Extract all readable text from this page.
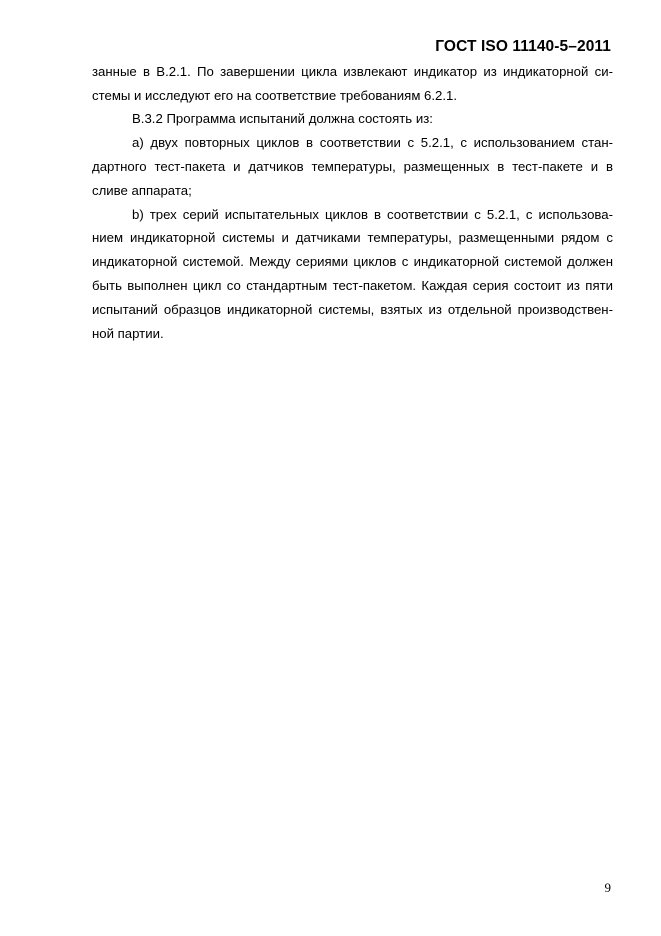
ГОСТ ISO 11140-5–2011
занные в В.2.1. По завершении цикла извлекают индикатор из индикаторной си-
стемы и исследуют его на соответствие требованиям 6.2.1.
В.3.2 Программа испытаний должна состоять из:
а) двух повторных циклов в соответствии с 5.2.1, с использованием стан-
дартного тест-пакета и датчиков температуры, размещенных в тест-пакете и в
сливе аппарата;
b) трех серий испытательных циклов в соответствии с 5.2.1, с использова-
нием индикаторной системы и датчиками температуры, размещенными рядом с
индикаторной системой. Между сериями циклов с индикаторной системой должен
быть выполнен цикл со стандартным тест-пакетом. Каждая серия состоит из пяти
испытаний образцов индикаторной системы, взятых из отдельной производствен-
ной партии.
9
